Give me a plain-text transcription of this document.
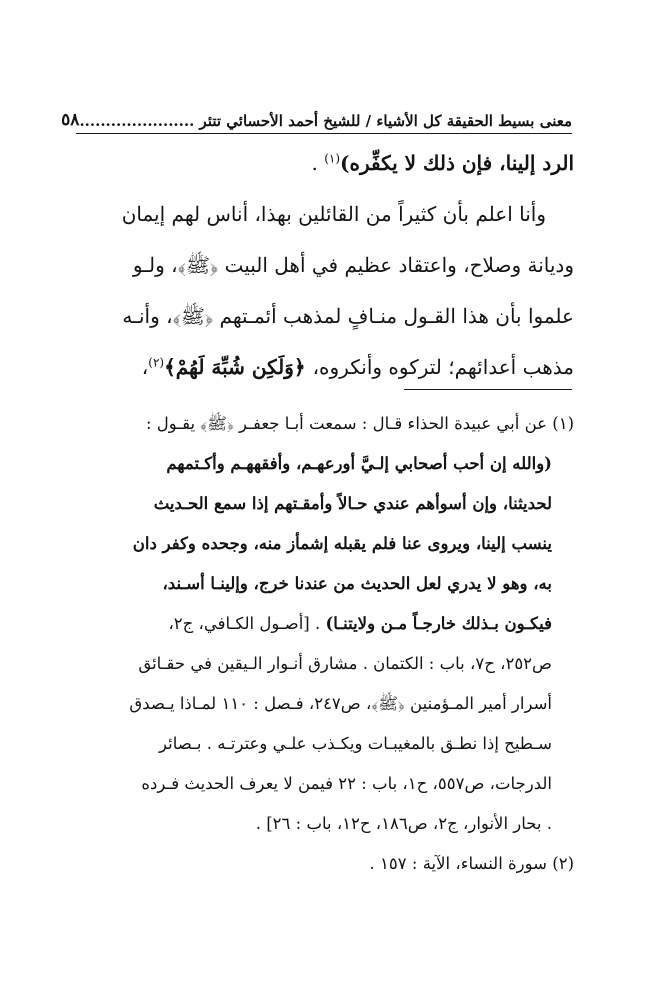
معنى بسيط الحقيقة كل الأشياء / للشيخ أحمد الأحسائي تتئر ......................
٥٨
الرد إلينا، فإن ذلك لا يكفِّره)$^{(١)}$ .
وأنا اعلم بأن كثيراً من القائلين بهذا، أناس لهم إيمان
وديانة وصلاح، واعتقاد عظيم في أهل البيت ﴿ﷺ﴾، ولـو
علموا بأن هذا القـول منـافٍ لمذهب أئمـتهم ﴿ﷺ﴾، وأنـه
مذهب أعدائهم؛ لتركوه وأنكروه، ﴿وَلَكِن شُبِّهَ لَهُمْ﴾$^{(٢)}$،
(١) عن أبي عبيدة الحذاء قـال : سمعت أبـا جعفـر ﴿ﷺ﴾ يقـول :
(والله إن أحب أصحابي إلـيَّ أورعهـم، وأفقههـم وأكـتمهم
لحديثنا، وإن أسوأهم عندي حـالاً وأمقـتهم إذا سمع الحـديث
ينسب إلينا، ويروى عنا فلم يقبله إشمأز منه، وجحده وكفر دان
به، وهو لا يدري لعل الحديث من عندنا خرج، وإلينـا أسـند،
فيكـون بـذلك خارجـاً مـن ولايتنـا) . [أصـول الكـافي، ج٢،
ص٢٥٢، ح٧، باب : الكتمان . مشارق أنـوار الـيقين في حقـائق
أسرار أمير المـؤمنين ﴿ﷺ﴾، ص٢٤٧، فـصل : ١١٠ لمـاذا يـصدق
سـطيح إذا نطـق بالمغيبـات ويكـذب علـي وعترتـه . بـصائر
الدرجات، ص٥٥٧، ح١، باب : ٢٢ فيمن لا يعرف الحديث فـرده
. بحار الأنوار، ج٢، ص١٨٦، ح١٢، باب : ٢٦] .
(٢) سورة النساء، الآية : ١٥٧ .
